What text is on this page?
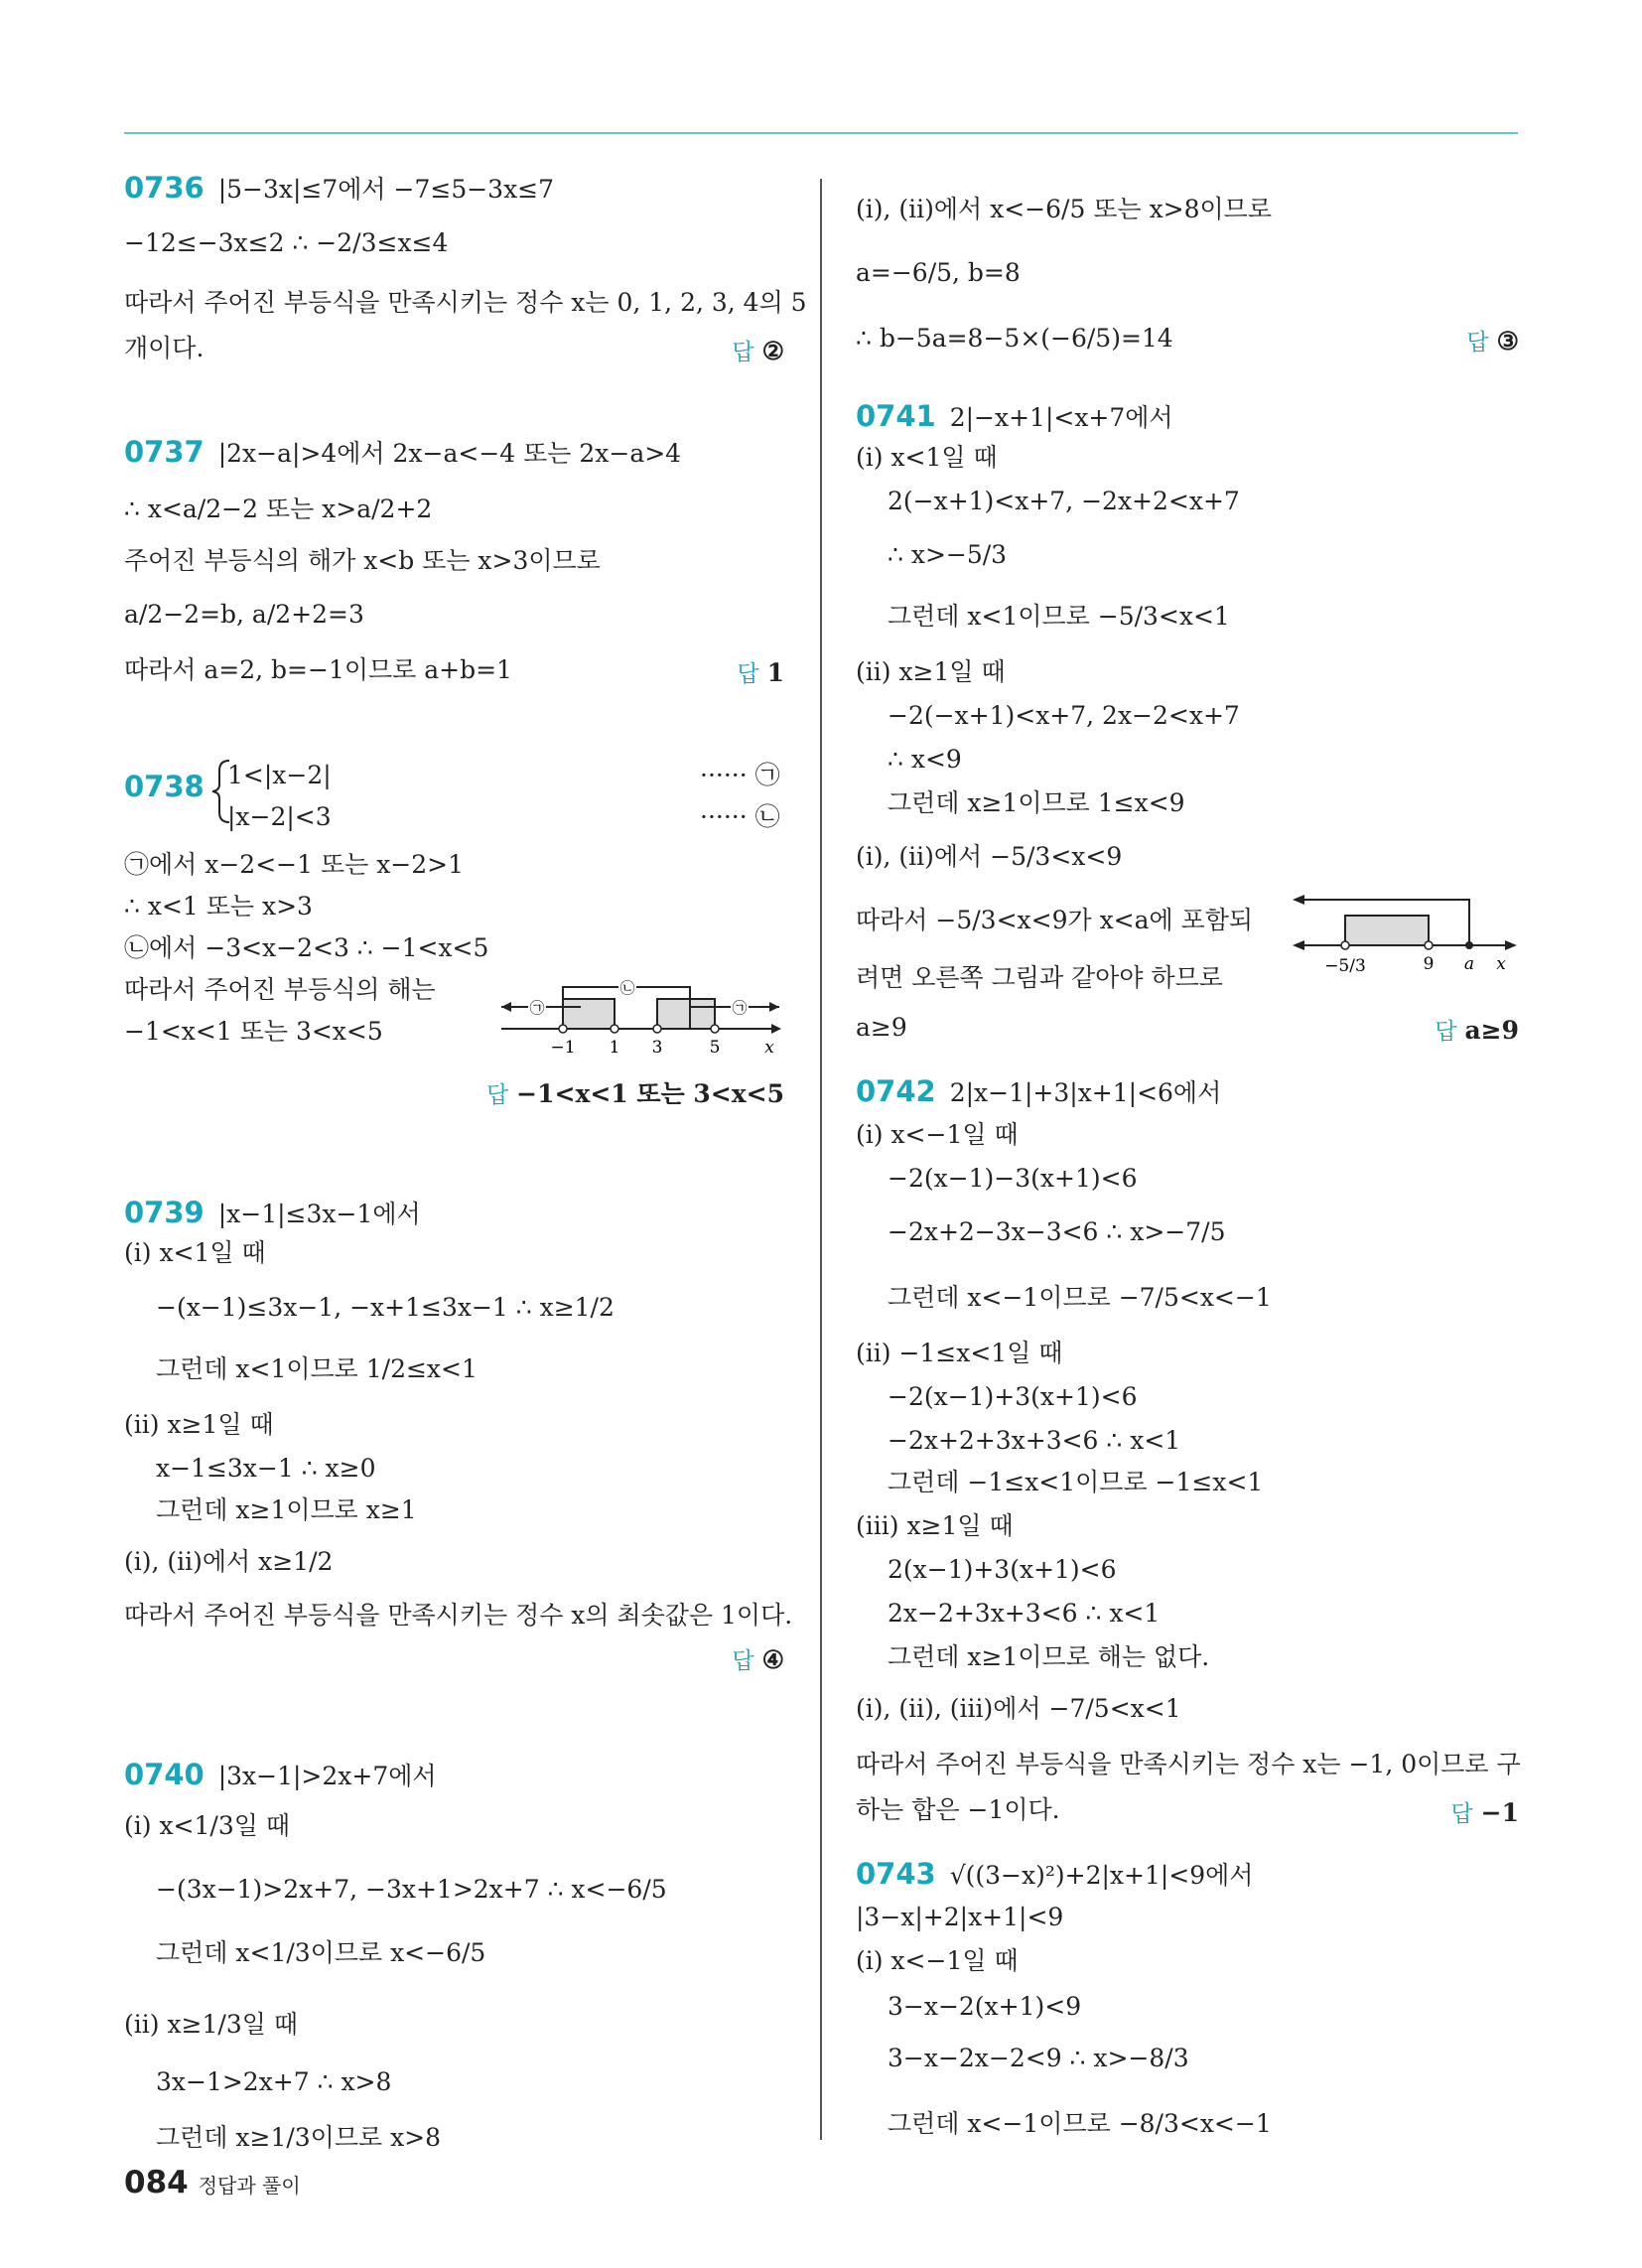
0736 |5−3x|≤7에서 −7≤5−3x≤7
−12≤−3x≤2 ∴ −2/3≤x≤4
따라서 주어진 부등식을 만족시키는 정수 x는 0, 1, 2, 3, 4의 5
개이다.	답 ②
0737 |2x−a|>4에서 2x−a<−4 또는 2x−a>4
∴ x<a/2−2 또는 x>a/2+2
주어진 부등식의 해가 x<b 또는 x>3이므로
a/2−2=b, a/2+2=3
따라서 a=2, b=−1이므로 a+b=1	답 1
0738 1<|x−2|	······ ㉠
|x−2|<3	······ ㉡
㉠에서 x−2<−1 또는 x−2>1
∴ x<1 또는 x>3
㉡에서 −3<x−2<3 ∴ −1<x<5
따라서 주어진 부등식의 해는
−1<x<1 또는 3<x<5
㉠
㉡
㉠
−1 1 3	5	x
답 −1<x<1 또는 3<x<5
0739 |x−1|≤3x−1에서
(i) x<1일 때
−(x−1)≤3x−1, −x+1≤3x−1 ∴ x≥1/2
그런데 x<1이므로 1/2≤x<1
(ii) x≥1일 때
x−1≤3x−1 ∴ x≥0
그런데 x≥1이므로 x≥1
(i), (ii)에서 x≥1/2
따라서 주어진 부등식을 만족시키는 정수 x의 최솟값은 1이다.
답 ④
0740 |3x−1|>2x+7에서
(i) x<1/3일 때
−(3x−1)>2x+7, −3x+1>2x+7 ∴ x<−6/5
그런데 x<1/3이므로 x<−6/5
(ii) x≥1/3일 때
3x−1>2x+7 ∴ x>8
그런데 x≥1/3이므로 x>8
(i), (ii)에서 x<−6/5 또는 x>8이므로
a=−6/5, b=8
∴ b−5a=8−5×(−6/5)=14	답 ③
0741 2|−x+1|<x+7에서
(i) x<1일 때
2(−x+1)<x+7, −2x+2<x+7
∴ x>−5/3
그런데 x<1이므로 −5/3<x<1
(ii) x≥1일 때
−2(−x+1)<x+7, 2x−2<x+7
∴ x<9
그런데 x≥1이므로 1≤x<9
(i), (ii)에서 −5/3<x<9
따라서 −5/3<x<9가 x<a에 포함되
려면 오른쪽 그림과 같아야 하므로
a≥9
−5/3	9 a x
답 a≥9
0742 2|x−1|+3|x+1|<6에서
(i) x<−1일 때
−2(x−1)−3(x+1)<6
−2x+2−3x−3<6 ∴ x>−7/5
그런데 x<−1이므로 −7/5<x<−1
(ii) −1≤x<1일 때
−2(x−1)+3(x+1)<6
−2x+2+3x+3<6 ∴ x<1
그런데 −1≤x<1이므로 −1≤x<1
(iii) x≥1일 때
2(x−1)+3(x+1)<6
2x−2+3x+3<6 ∴ x<1
그런데 x≥1이므로 해는 없다.
(i), (ii), (iii)에서 −7/5<x<1
따라서 주어진 부등식을 만족시키는 정수 x는 −1, 0이므로 구
하는 합은 −1이다.	답 −1
0743 √((3−x)²)+2|x+1|<9에서
|3−x|+2|x+1|<9
(i) x<−1일 때
3−x−2(x+1)<9
3−x−2x−2<9 ∴ x>−8/3
그런데 x<−1이므로 −8/3<x<−1
084 정답과 풀이
